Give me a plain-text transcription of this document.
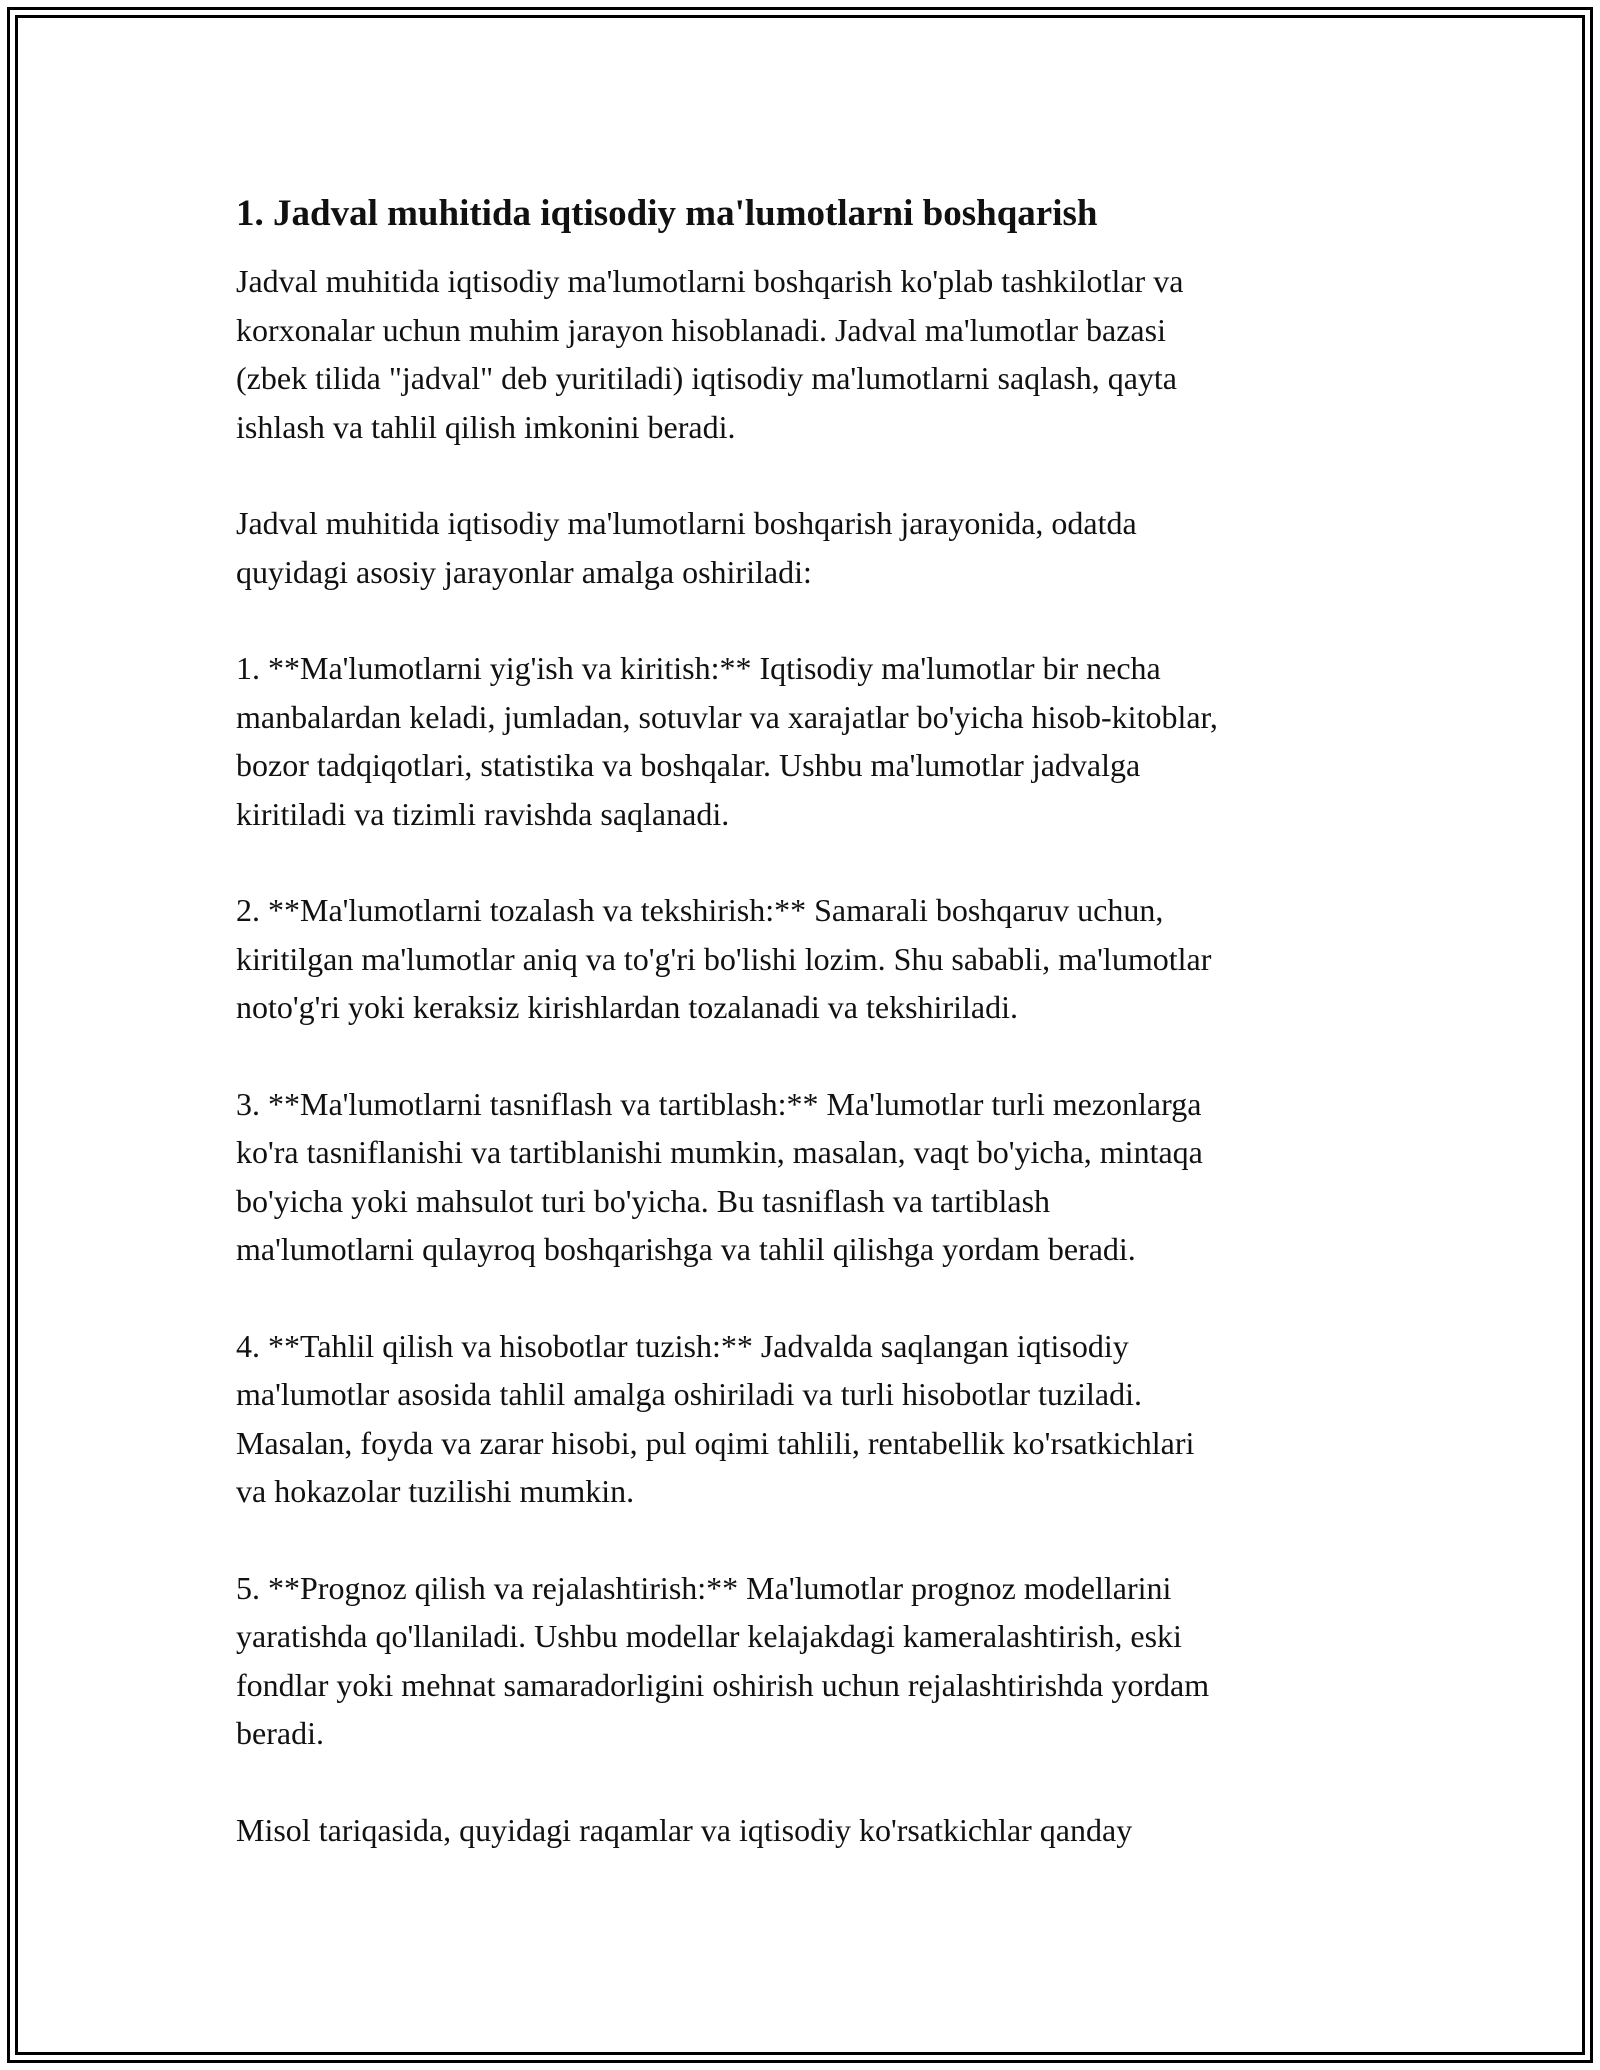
1. Jadval muhitida iqtisodiy ma'lumotlarni boshqarish

Jadval muhitida iqtisodiy ma'lumotlarni boshqarish ko'plab tashkilotlar va
korxonalar uchun muhim jarayon hisoblanadi. Jadval ma'lumotlar bazasi
(zbek tilida "jadval" deb yuritiladi) iqtisodiy ma'lumotlarni saqlash, qayta
ishlash va tahlil qilish imkonini beradi.

Jadval muhitida iqtisodiy ma'lumotlarni boshqarish jarayonida, odatda
quyidagi asosiy jarayonlar amalga oshiriladi:

1. **Ma'lumotlarni yig'ish va kiritish:** Iqtisodiy ma'lumotlar bir necha
manbalardan keladi, jumladan, sotuvlar va xarajatlar bo'yicha hisob-kitoblar,
bozor tadqiqotlari, statistika va boshqalar. Ushbu ma'lumotlar jadvalga
kiritiladi va tizimli ravishda saqlanadi.

2. **Ma'lumotlarni tozalash va tekshirish:** Samarali boshqaruv uchun,
kiritilgan ma'lumotlar aniq va to'g'ri bo'lishi lozim. Shu sababli, ma'lumotlar
noto'g'ri yoki keraksiz kirishlardan tozalanadi va tekshiriladi.

3. **Ma'lumotlarni tasniflash va tartiblash:** Ma'lumotlar turli mezonlarga
ko'ra tasniflanishi va tartiblanishi mumkin, masalan, vaqt bo'yicha, mintaqa
bo'yicha yoki mahsulot turi bo'yicha. Bu tasniflash va tartiblash
ma'lumotlarni qulayroq boshqarishga va tahlil qilishga yordam beradi.

4. **Tahlil qilish va hisobotlar tuzish:** Jadvalda saqlangan iqtisodiy
ma'lumotlar asosida tahlil amalga oshiriladi va turli hisobotlar tuziladi.
Masalan, foyda va zarar hisobi, pul oqimi tahlili, rentabellik ko'rsatkichlari
va hokazolar tuzilishi mumkin.

5. **Prognoz qilish va rejalashtirish:** Ma'lumotlar prognoz modellarini
yaratishda qo'llaniladi. Ushbu modellar kelajakdagi kameralashtirish, eski
fondlar yoki mehnat samaradorligini oshirish uchun rejalashtirishda yordam
beradi.

Misol tariqasida, quyidagi raqamlar va iqtisodiy ko'rsatkichlar qanday
